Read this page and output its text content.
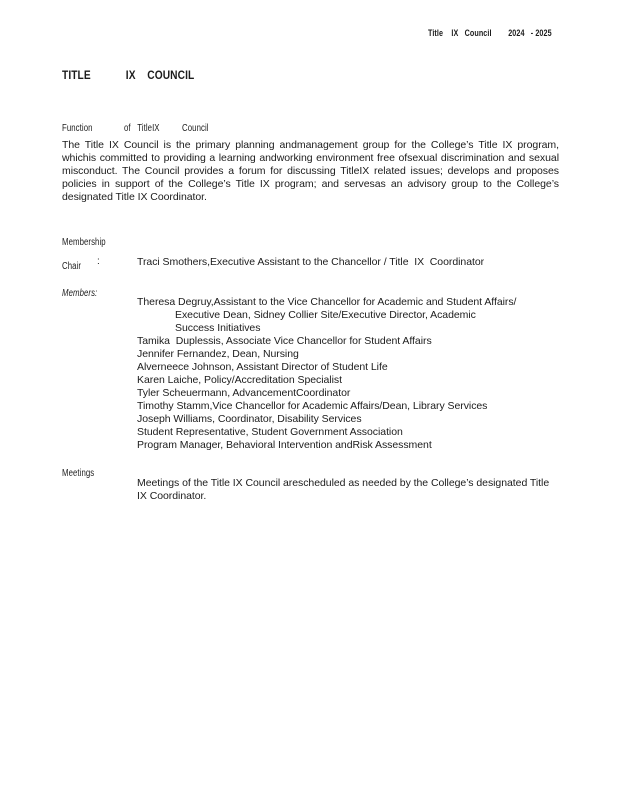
Title    IX   Council        2024   - 2025
TITLE            IX    COUNCIL
Function              of   TitleIX          Council
The Title IX Council is the primary planning andmanagement group for the College’s Title IX program, whichis committed to providing a learning andworking environment free ofsexual discrimination and sexual misconduct. The Council provides a forum for discussing TitleIX related issues; develops and proposes policies in support of the College’s Title IX program; and servesas an advisory group to the College’s designated Title IX Coordinator.
Membership
Chair	:	Traci Smothers,Executive Assistant to the Chancellor / Title  IX  Coordinator
Members:
Theresa Degruy,Assistant to the Vice Chancellor for Academic and Student Affairs/
Executive Dean, Sidney Collier Site/Executive Director, Academic
Success Initiatives
Tamika  Duplessis, Associate Vice Chancellor for Student Affairs
Jennifer Fernandez, Dean, Nursing
Alverneece Johnson, Assistant Director of Student Life
Karen Laiche, Policy/Accreditation Specialist
Tyler Scheuermann, AdvancementCoordinator
Timothy Stamm,Vice Chancellor for Academic Affairs/Dean, Library Services
Joseph Williams, Coordinator, Disability Services
Student Representative, Student Government Association
Program Manager, Behavioral Intervention andRisk Assessment
Meetings
Meetings of the Title IX Council arescheduled as needed by the College’s designated Title IX Coordinator.
